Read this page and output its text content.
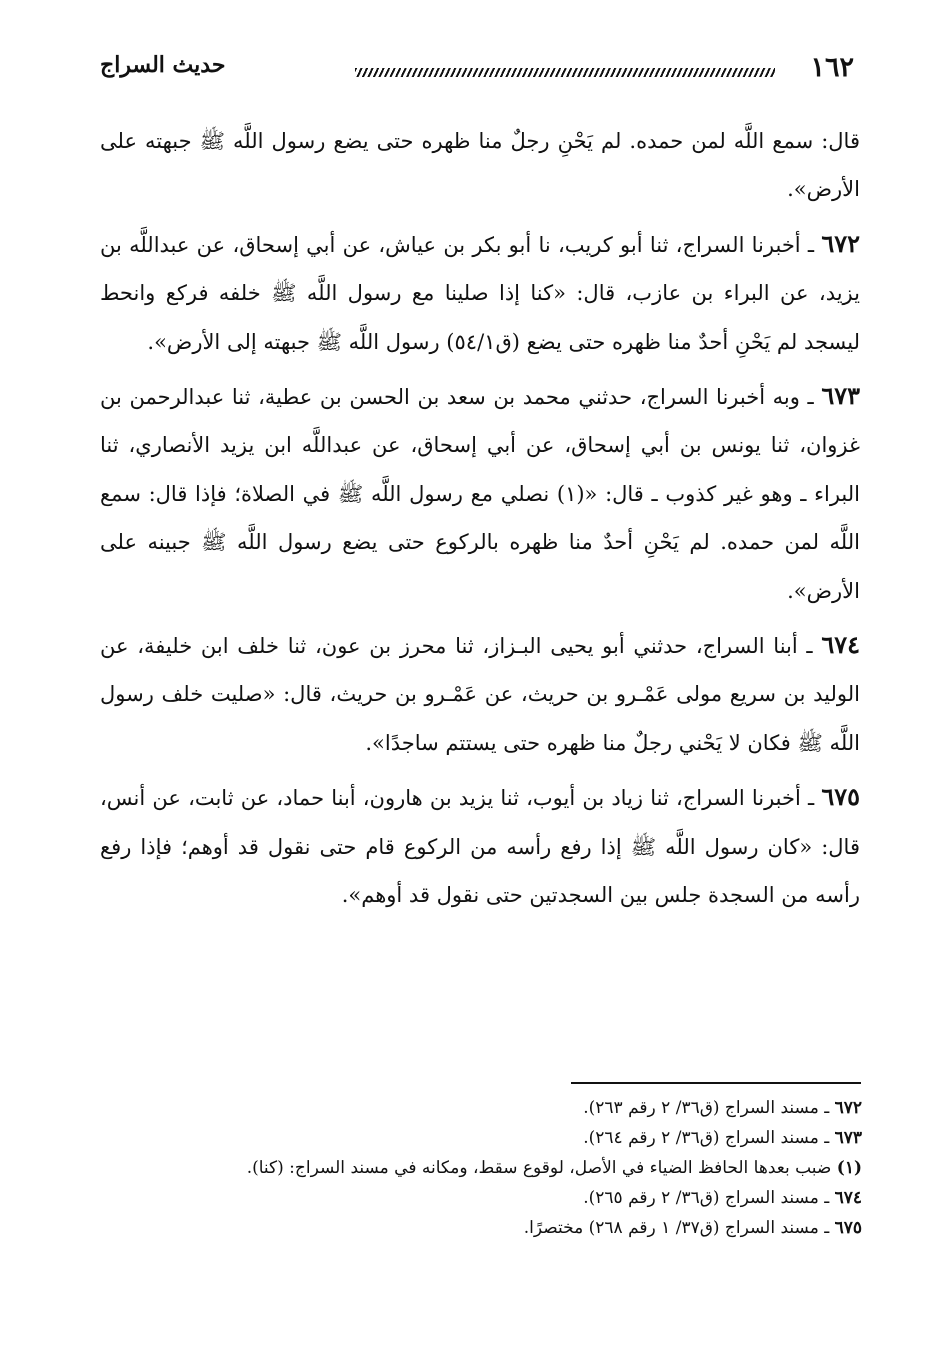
١٦٢
حديث السراج

قال: سمع اللَّه لمن حمده. لم يَحْنِ رجلٌ منا ظهره حتى يضع رسول اللَّه ﷺ جبهته على الأرض».

٦٧٢ ـ أخبرنا السراج، ثنا أبو كريب، نا أبو بكر بن عياش، عن أبي إسحاق، عن عبداللَّه بن يزيد، عن البراء بن عازب، قال: «كنا إذا صلينا مع رسول اللَّه ﷺ خلفه فركع وانحط ليسجد لم يَحْنِ أحدٌ منا ظهره حتى يضع (ق٥٤/١) رسول اللَّه ﷺ جبهته إلى الأرض».

٦٧٣ ـ وبه أخبرنا السراج، حدثني محمد بن سعد بن الحسن بن عطية، ثنا عبدالرحمن بن غزوان، ثنا يونس بن أبي إسحاق، عن أبي إسحاق، عن عبداللَّه ابن يزيد الأنصاري، ثنا البراء ـ وهو غير كذوب ـ قال: «(١) نصلي مع رسول اللَّه ﷺ في الصلاة؛ فإذا قال: سمع اللَّه لمن حمده. لم يَحْنِ أحدٌ منا ظهره بالركوع حتى يضع رسول اللَّه ﷺ جبينه على الأرض».

٦٧٤ ـ أبنا السراج، حدثني أبو يحيى البـزاز، ثنا محرز بن عون، ثنا خلف ابن خليفة، عن الوليد بن سريع مولى عَمْـرو بن حريث، عن عَمْـرو بن حريث، قال: «صليت خلف رسول اللَّه ﷺ فكان لا يَحْني رجلٌ منا ظهره حتى يستتم ساجدًا».

٦٧٥ ـ أخبرنا السراج، ثنا زياد بن أيوب، ثنا يزيد بن هارون، أبنا حماد، عن ثابت، عن أنس، قال: «كان رسول اللَّه ﷺ إذا رفع رأسه من الركوع قام حتى نقول قد أوهم؛ فإذا رفع رأسه من السجدة جلس بين السجدتين حتى نقول قد أوهم».

٦٧٢ ـ مسند السراج (ق٣٦/ ٢ رقم ٢٦٣).
٦٧٣ ـ مسند السراج (ق٣٦/ ٢ رقم ٢٦٤).
(١) ضبب بعدها الحافظ الضياء في الأصل، لوقوع سقط، ومكانه في مسند السراج: (كنا).
٦٧٤ ـ مسند السراج (ق٣٦/ ٢ رقم ٢٦٥).
٦٧٥ ـ مسند السراج (ق٣٧/ ١ رقم ٢٦٨) مختصرًا.
